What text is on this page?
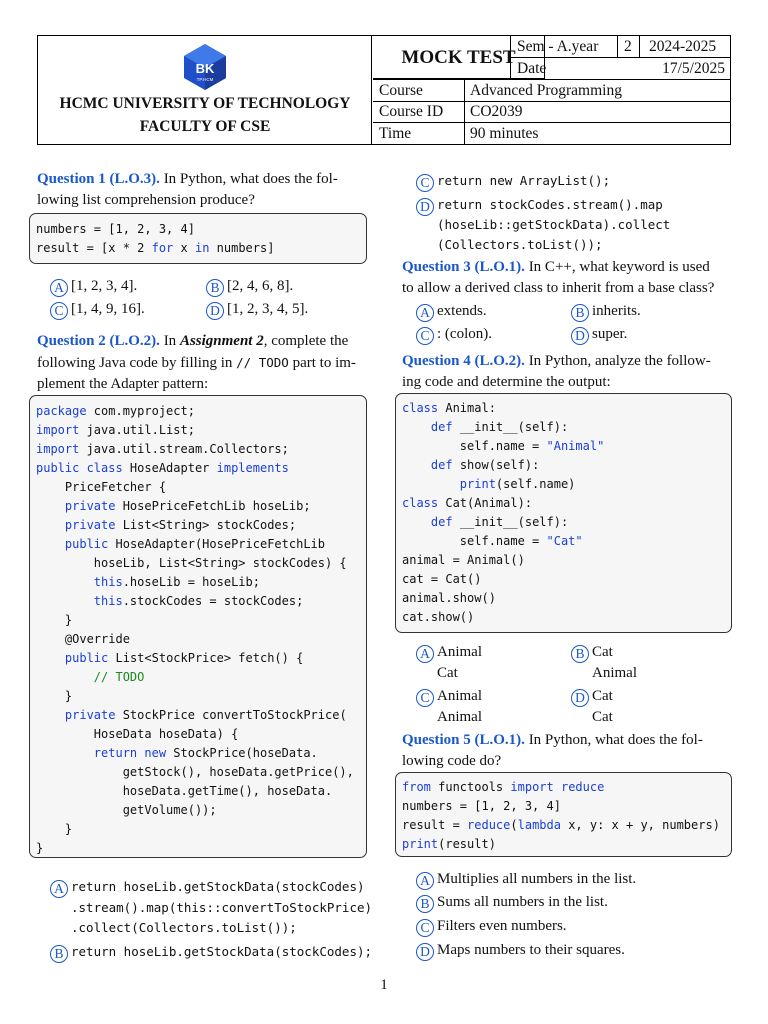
BK
TP.HCM
HCMC UNIVERSITY OF TECHNOLOGY
FACULTY OF CSE
MOCK TEST
Sem - A.year 2 2024-2025
Date	17/5/2025
Course	Advanced Programming
Course ID CO2039
Time	90 minutes
Question 1 (L.O.3). In Python, what does the fol-
lowing list comprehension produce?
numbers = [1, 2, 3, 4]
result = [x * 2 for x in numbers]
A [1, 2, 3, 4].	B [2, 4, 6, 8].
C [1, 4, 9, 16].	D [1, 2, 3, 4, 5].
Question 2 (L.O.2). In Assignment 2, complete the
following Java code by filling in // TODO part to im-
plement the Adapter pattern:
package com.myproject;
import java.util.List;
import java.util.stream.Collectors;
public class HoseAdapter implements
PriceFetcher {
private HosePriceFetchLib hoseLib;
private List<String> stockCodes;
public HoseAdapter(HosePriceFetchLib
hoseLib, List<String> stockCodes) {
this.hoseLib = hoseLib;
this.stockCodes = stockCodes;
}
@Override
public List<StockPrice> fetch() {
// TODO
}
private StockPrice convertToStockPrice(
HoseData hoseData) {
return new StockPrice(hoseData.
getStock(), hoseData.getPrice(),
hoseData.getTime(), hoseData.
getVolume());
}
}
A return hoseLib.getStockData(stockCodes)
.stream().map(this::convertToStockPrice)
.collect(Collectors.toList());
B return hoseLib.getStockData(stockCodes);
C return new ArrayList();
D return stockCodes.stream().map
(hoseLib::getStockData).collect
(Collectors.toList());
Question 3 (L.O.1). In C++, what keyword is used
to allow a derived class to inherit from a base class?
A extends.	B inherits.
C : (colon).	D super.
Question 4 (L.O.2). In Python, analyze the follow-
ing code and determine the output:
class Animal:
def __init__(self):
self.name = "Animal"
def show(self):
print(self.name)
class Cat(Animal):
def __init__(self):
self.name = "Cat"
animal = Animal()
cat = Cat()
animal.show()
cat.show()
A Animal
Cat
B Cat
Animal
C Animal
Animal
D Cat
Cat
Question 5 (L.O.1). In Python, what does the fol-
lowing code do?
from functools import reduce
numbers = [1, 2, 3, 4]
result = reduce(lambda x, y: x + y, numbers)
print(result)
A Multiplies all numbers in the list.
B Sums all numbers in the list.
C Filters even numbers.
D Maps numbers to their squares.
1
